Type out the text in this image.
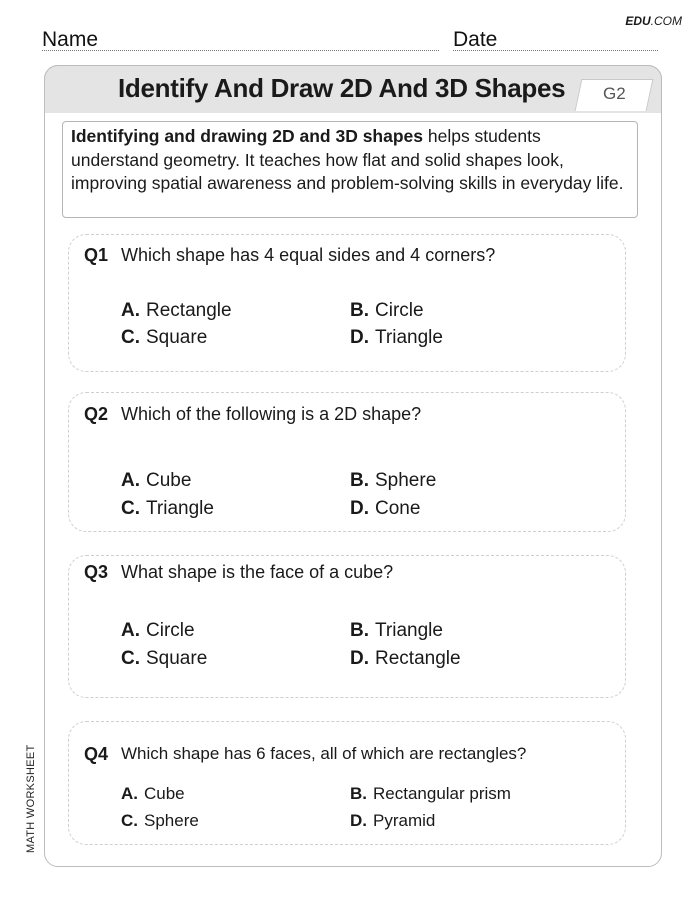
EDU.COM
Name	Date
MATH WORKSHEET
Identify And Draw 2D And 3D Shapes G2
Identifying and drawing 2D and 3D shapes helps students understand geometry. It teaches how flat and solid shapes look, improving spatial awareness and problem-solving skills in everyday life.
Q1 Which shape has 4 equal sides and 4 corners?
A. Rectangle	B. Circle
C. Square	D. Triangle
Q2 Which of the following is a 2D shape?
A. Cube	B. Sphere
C. Triangle	D. Cone
Q3 What shape is the face of a cube?
A. Circle	B. Triangle
C. Square	D. Rectangle
Q4 Which shape has 6 faces, all of which are rectangles?
A. Cube	B. Rectangular prism
C. Sphere	D. Pyramid
